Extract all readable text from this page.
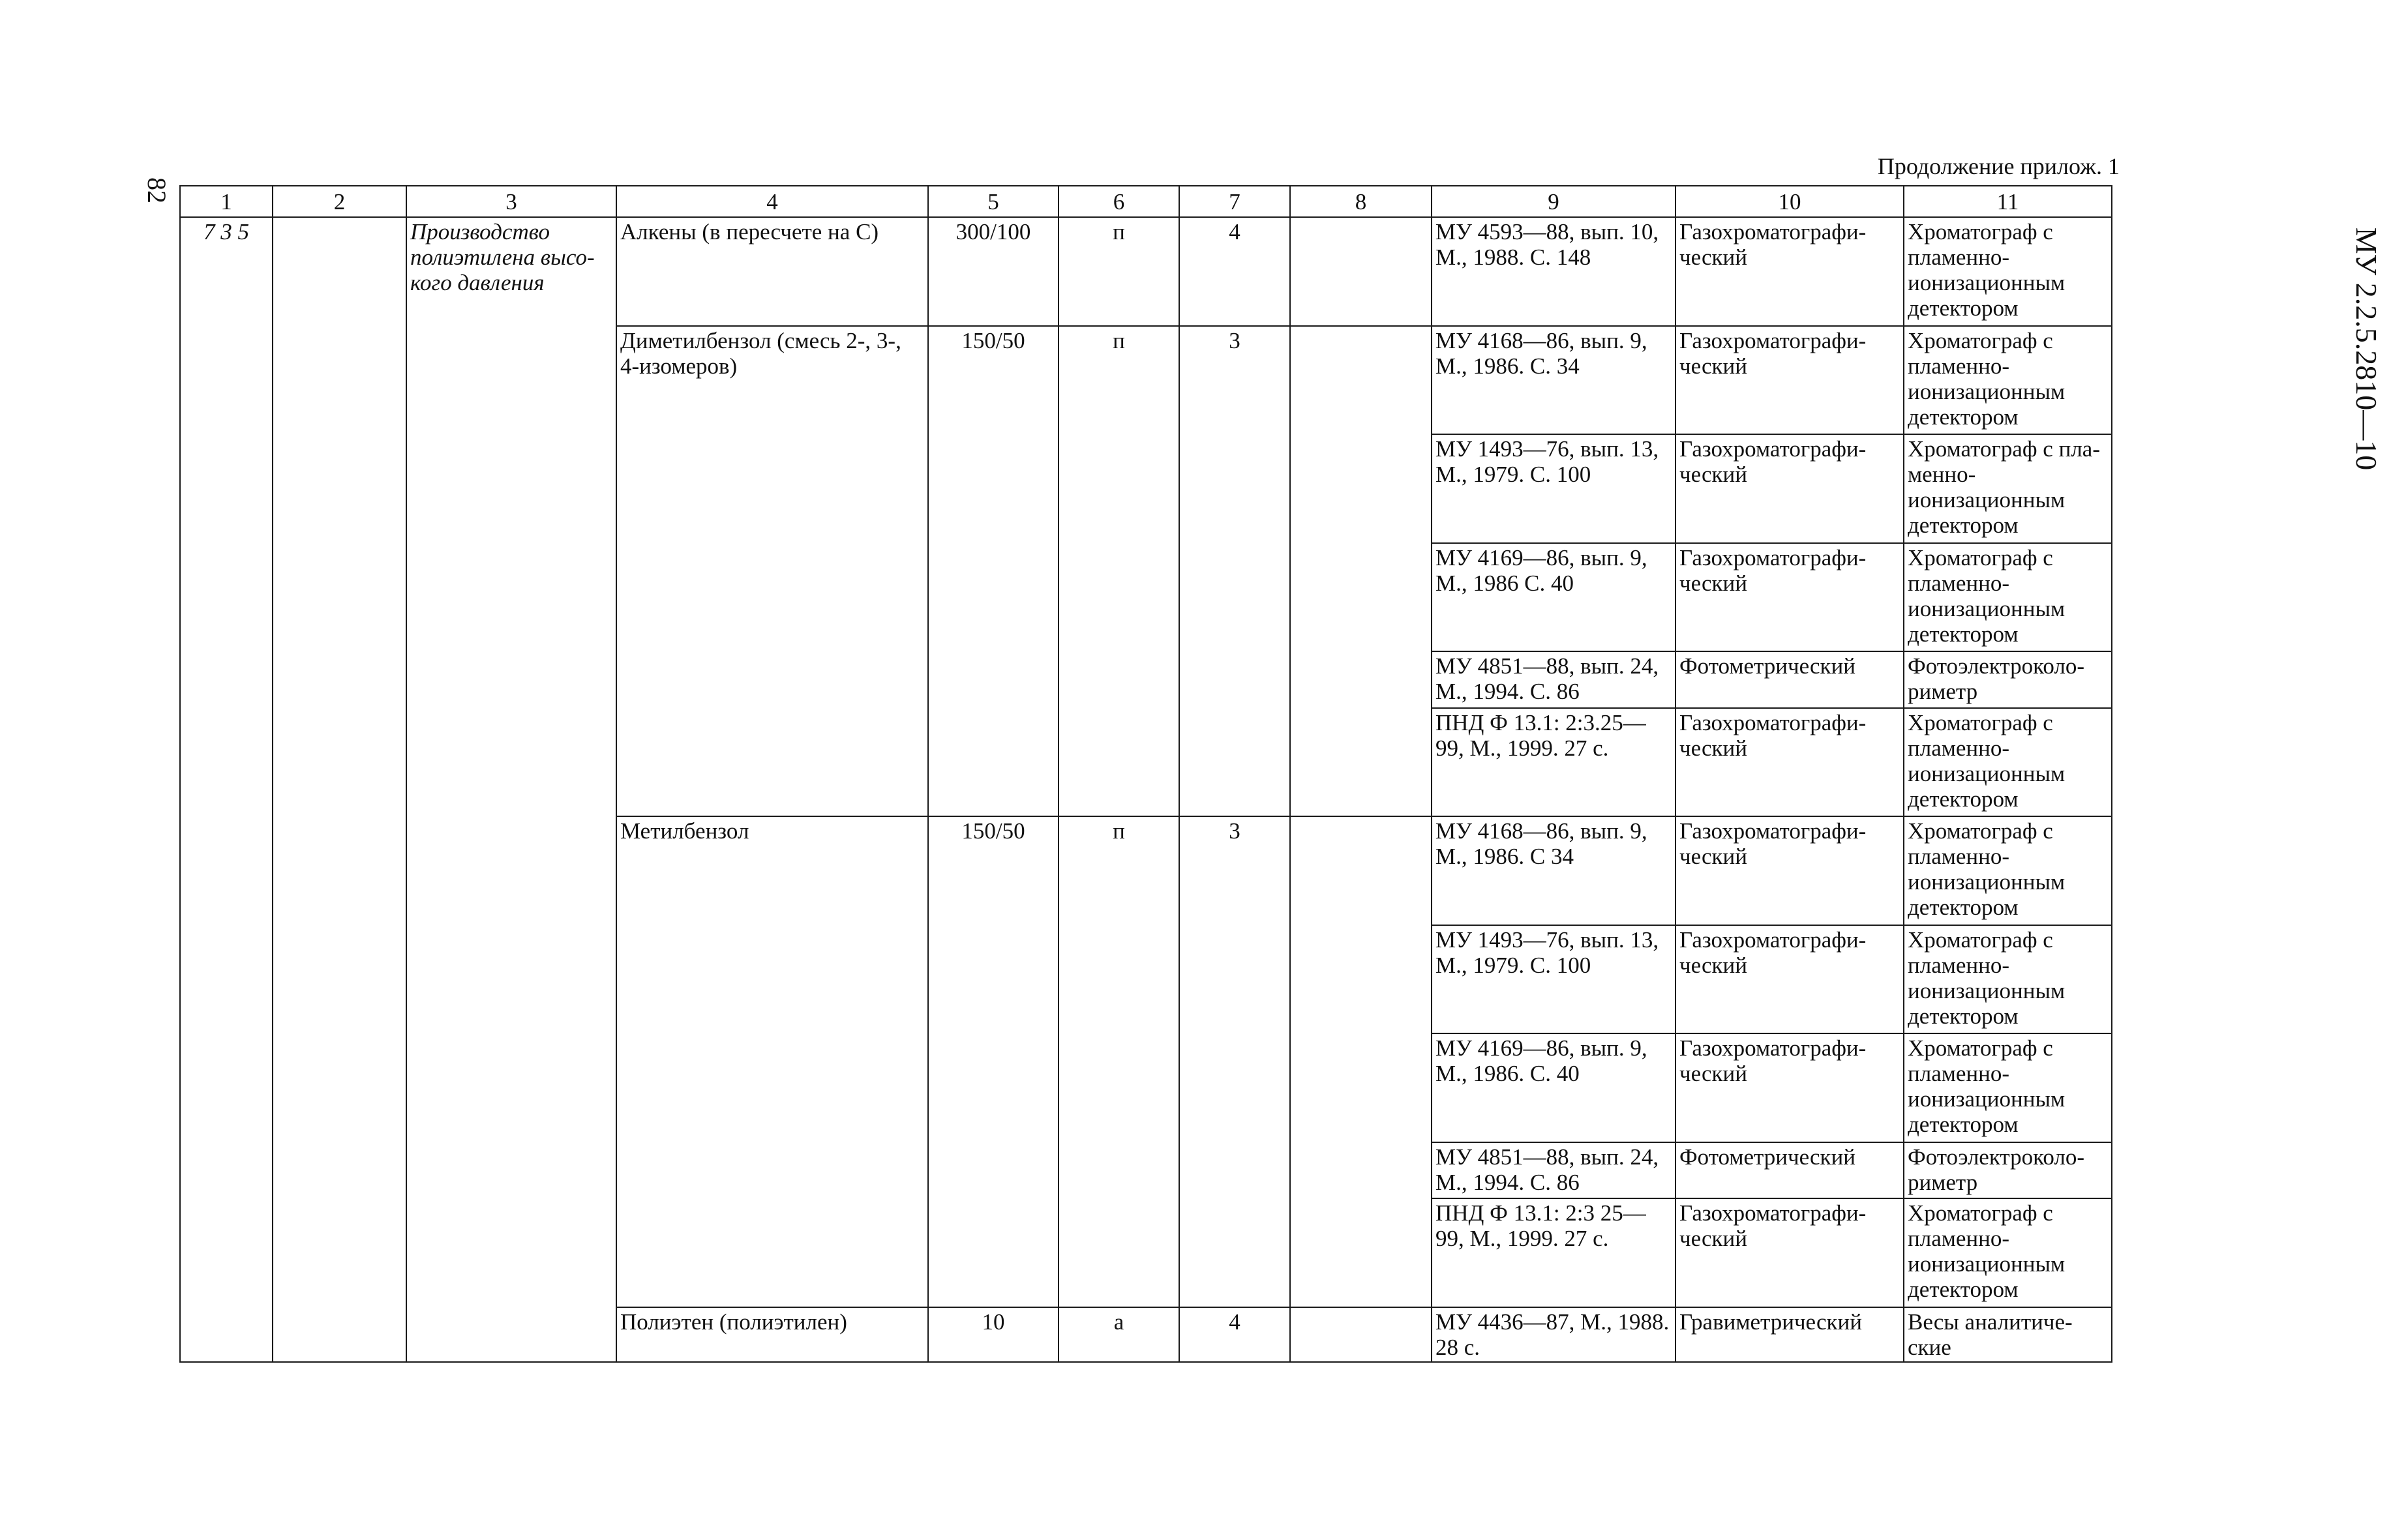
82
МУ 2.2.5.2810—10
Продолжение прилож. 1
1	2	3	4	5	6	7	8	9	10	11
7 3 5		Производство полиэтилена высо-кого давления	Алкены (в пересчете на С)	300/100	п	4		МУ 4593—88, вып. 10, М., 1988. С. 148	Газохроматографи-ческий	Хроматограф с пламенно-ионизационным детектором
			Диметилбензол (смесь 2-, 3-, 4-изомеров)	150/50	п	3		МУ 4168—86, вып. 9, М., 1986. С. 34	Газохроматографи-ческий	Хроматограф с пламенно-ионизационным детектором
								МУ 1493—76, вып. 13, М., 1979. С. 100	Газохроматографи-ческий	Хроматограф с пла-менно-ионизационным детектором
								МУ 4169—86, вып. 9, М., 1986 С. 40	Газохроматографи-ческий	Хроматограф с пламенно-ионизационным детектором
								МУ 4851—88, вып. 24, М., 1994. С. 86	Фотометрический	Фотоэлектроколо-риметр
								ПНД Ф 13.1: 2:3.25—99, М., 1999. 27 с.	Газохроматографи-ческий	Хроматограф с пламенно-ионизационным детектором
			Метилбензол	150/50	п	3		МУ 4168—86, вып. 9, М., 1986. С 34	Газохроматографи-ческий	Хроматограф с пламенно-ионизационным детектором
								МУ 1493—76, вып. 13, М., 1979. С. 100	Газохроматографи-ческий	Хроматограф с пламенно-ионизационным детектором
								МУ 4169—86, вып. 9, М., 1986. С. 40	Газохроматографи-ческий	Хроматограф с пламенно-ионизационным детектором
								МУ 4851—88, вып. 24, М., 1994. С. 86	Фотометрический	Фотоэлектроколо-риметр
								ПНД Ф 13.1: 2:3 25—99, М., 1999. 27 с.	Газохроматографи-ческий	Хроматограф с пламенно-ионизационным детектором
			Полиэтен (полиэтилен)	10	а	4		МУ 4436—87, М., 1988. 28 с.	Гравиметрический	Весы аналитиче-ские
